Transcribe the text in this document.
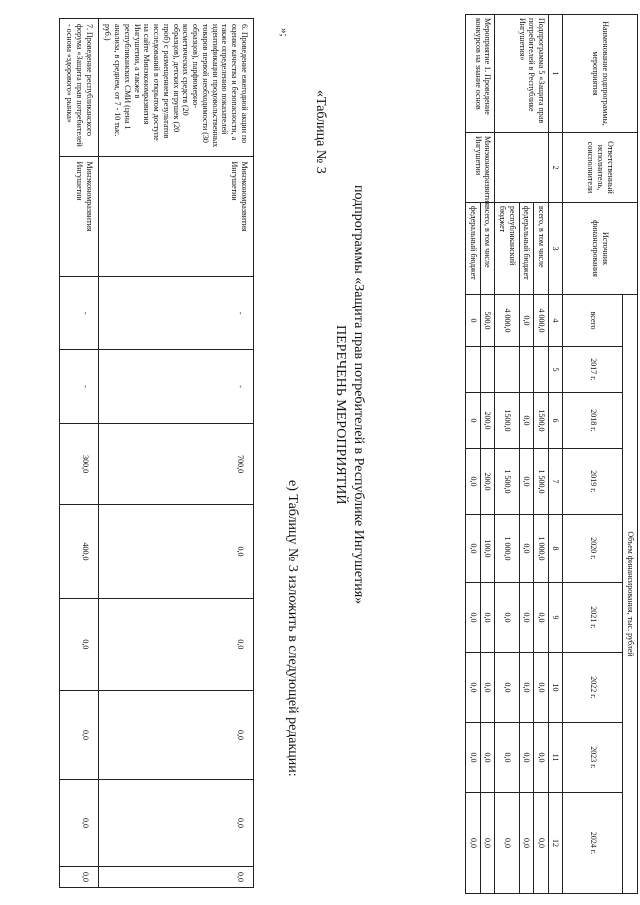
6. Проведение ежегодной акции по оценке качества и безопасности, а также определению показателей идентификации продовольственных товаров первой необходимости (30 образцов), парфюмерно-косметических средств (20 образцов), детских игрушек (20 проб) с размещением результатов исследований в открытом доступе на сайте Минэкономразвития Ингушетии, а также в республиканских СМИ (цена 1 анализа, в среднем, от 7 - 10 тыс. руб.)	Минэкономразвития Ингушетии	-	-	700,0	0,0	0,0	0,0	0,0	0,0
7. Проведение республиканского форума «Защита прав потребителей - основа «здорового» рынка»	Минэкономразвития Ингушетии	-	-	300,0	400,0	0,0	0,0	0,0	0,0
»;
«Таблица № 3
е) Таблицу № 3 изложить в следующей редакции:
ПЕРЕЧЕНЬ МЕРОПРИЯТИЙ подпрограммы «Защита прав потребителей в Республике Ингушетия»
Наименование подпрограммы, мероприятия	Ответственный исполнитель, соисполнители	Источник финансирования	Объем финансирования, тыс. рублей								
			всего	2017 г.	2018 г.	2019 г.	2020 г.	2021 г.	2022 г.	2023 г.	2024 г.
1	2	3	4	5	6	7	8	9	10	11	12
Подпрограмма 5 «Защита прав потребителей в Республике Ингушетия»		всего, в том числе	4 000,0		1500,0	1 500,0	1 000,0	0,0	0,0	0,0	0,0
		федеральный бюджет	0,0		0,0	0,0	0,0	0,0	0,0	0,0	0,0
		республиканский бюджет	4 000,0		1500,0	1 500,0	1 000,0	0,0	0,0	0,0	0,0
Мероприятие 1. Проведение конкурсов на знание основ	Минэкономразвития Ингушетии	всего, в том числе	500,0		200,0	200,0	100,0	0,0	0,0	0,0	0,0
		федеральный бюджет	0		0	0,0	0,0	0,0	0,0	0,0	0,0
